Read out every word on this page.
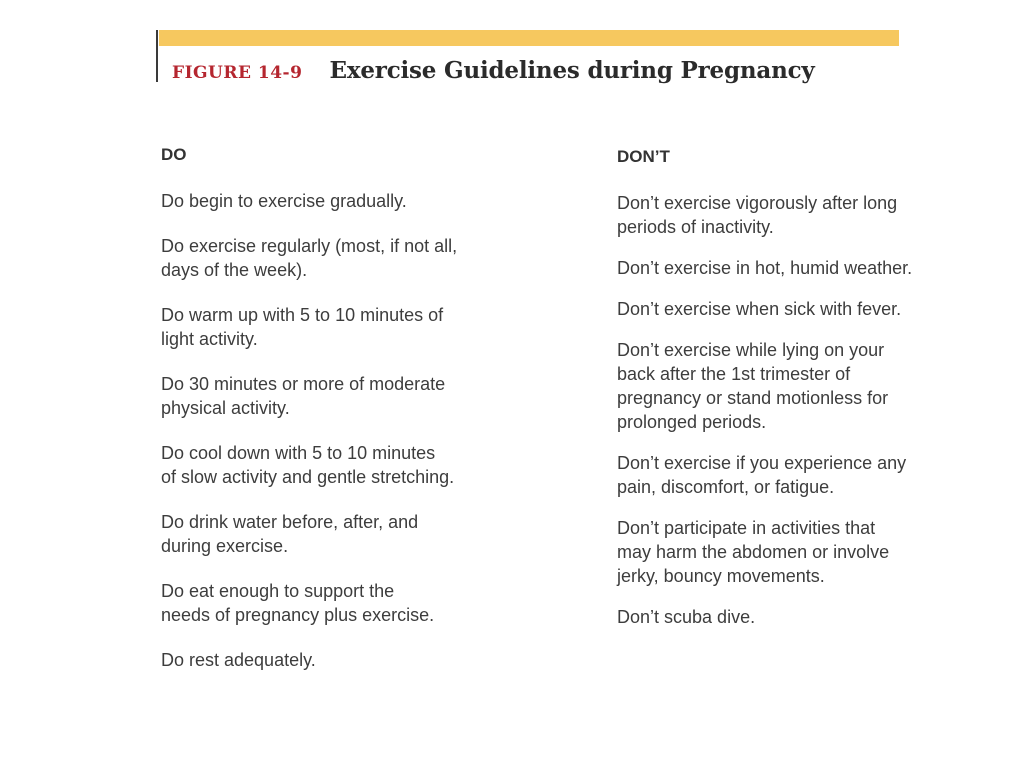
FIGURE 14-9 Exercise Guidelines during Pregnancy
DO
Do begin to exercise gradually.
Do exercise regularly (most, if not all,
days of the week).
Do warm up with 5 to 10 minutes of
light activity.
Do 30 minutes or more of moderate
physical activity.
Do cool down with 5 to 10 minutes
of slow activity and gentle stretching.
Do drink water before, after, and
during exercise.
Do eat enough to support the
needs of pregnancy plus exercise.
Do rest adequately.
DON’T
Don’t exercise vigorously after long
periods of inactivity.
Don’t exercise in hot, humid weather.
Don’t exercise when sick with fever.
Don’t exercise while lying on your
back after the 1st trimester of
pregnancy or stand motionless for
prolonged periods.
Don’t exercise if you experience any
pain, discomfort, or fatigue.
Don’t participate in activities that
may harm the abdomen or involve
jerky, bouncy movements.
Don’t scuba dive.
